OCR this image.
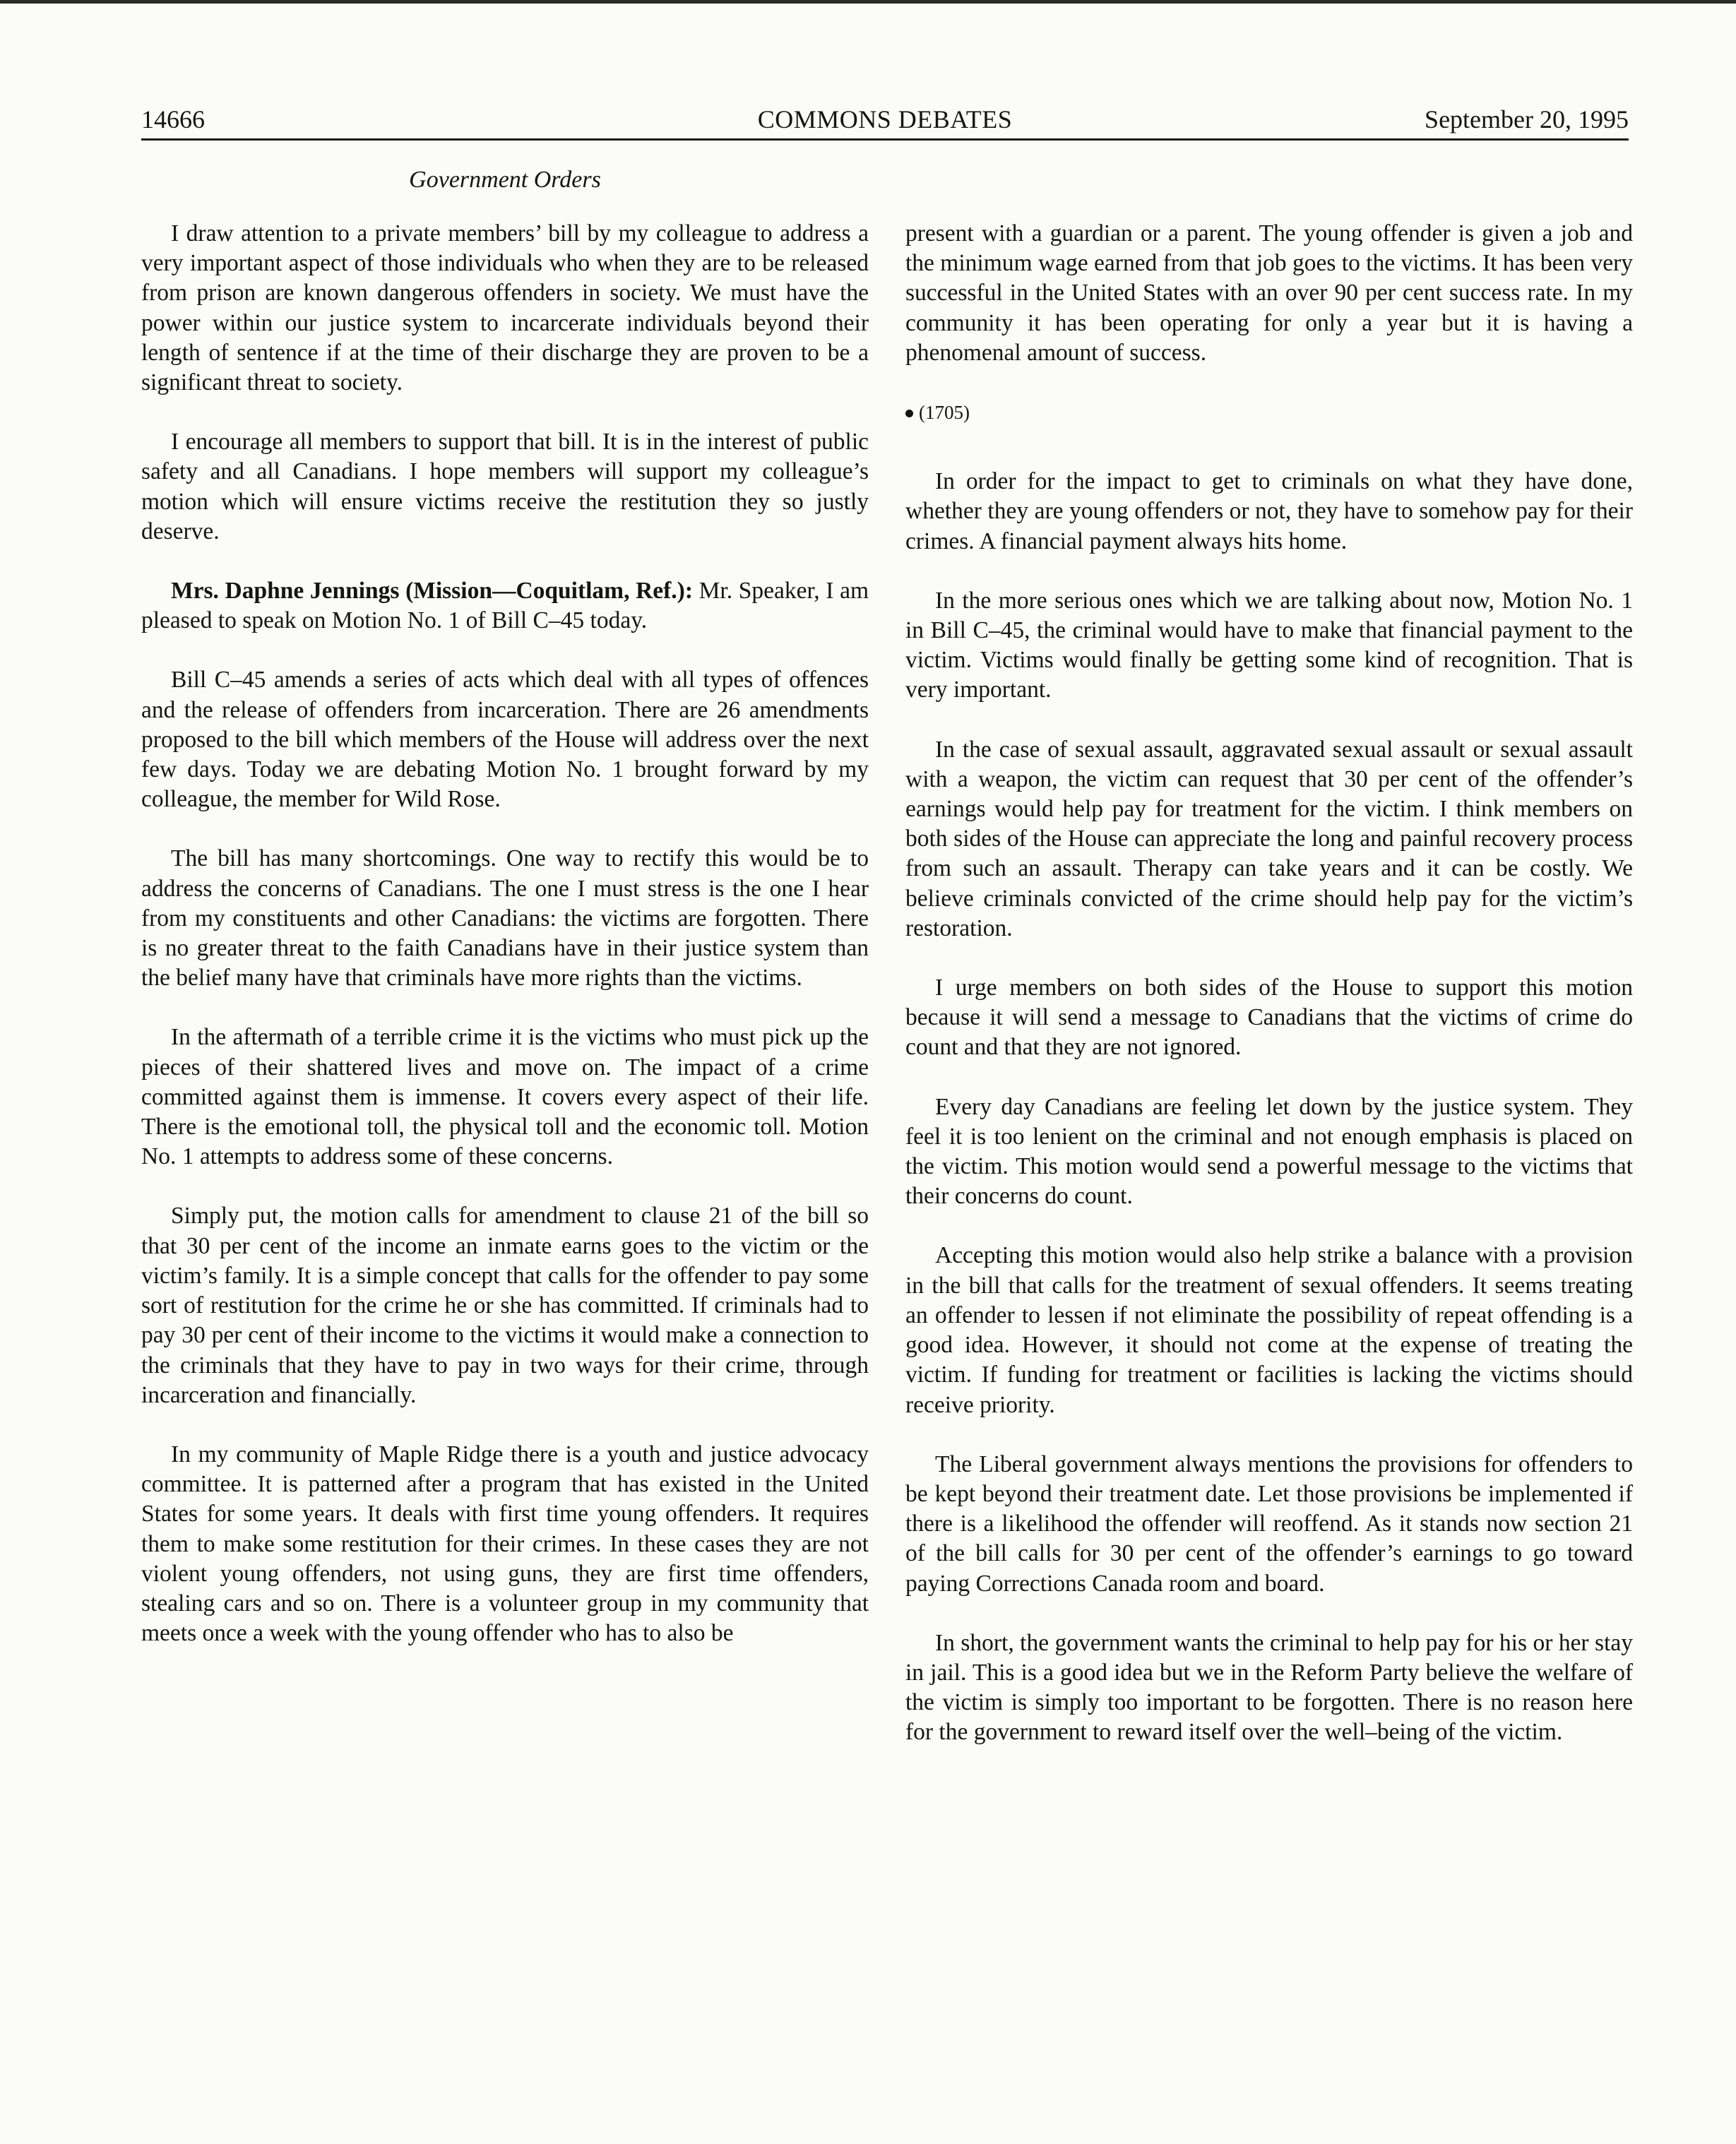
14666	COMMONS DEBATES	September 20, 1995
Government Orders

I draw attention to a private members’ bill by my colleague to address a very important aspect of those individuals who when they are to be released from prison are known dangerous offenders in society. We must have the power within our justice system to incarcerate individuals beyond their length of sentence if at the time of their discharge they are proven to be a significant threat to society.

I encourage all members to support that bill. It is in the interest of public safety and all Canadians. I hope members will support my colleague’s motion which will ensure victims receive the restitution they so justly deserve.

Mrs. Daphne Jennings (Mission—Coquitlam, Ref.): Mr. Speaker, I am pleased to speak on Motion No. 1 of Bill C–45 today.

Bill C–45 amends a series of acts which deal with all types of offences and the release of offenders from incarceration. There are 26 amendments proposed to the bill which members of the House will address over the next few days. Today we are debating Motion No. 1 brought forward by my colleague, the member for Wild Rose.

The bill has many shortcomings. One way to rectify this would be to address the concerns of Canadians. The one I must stress is the one I hear from my constituents and other Canadians: the victims are forgotten. There is no greater threat to the faith Canadians have in their justice system than the belief many have that criminals have more rights than the victims.

In the aftermath of a terrible crime it is the victims who must pick up the pieces of their shattered lives and move on. The impact of a crime committed against them is immense. It covers every aspect of their life. There is the emotional toll, the physical toll and the economic toll. Motion No. 1 attempts to address some of these concerns.

Simply put, the motion calls for amendment to clause 21 of the bill so that 30 per cent of the income an inmate earns goes to the victim or the victim’s family. It is a simple concept that calls for the offender to pay some sort of restitution for the crime he or she has committed. If criminals had to pay 30 per cent of their income to the victims it would make a connection to the criminals that they have to pay in two ways for their crime, through incarceration and financially.

In my community of Maple Ridge there is a youth and justice advocacy committee. It is patterned after a program that has existed in the United States for some years. It deals with first time young offenders. It requires them to make some restitution for their crimes. In these cases they are not violent young offenders, not using guns, they are first time offenders, stealing cars and so on. There is a volunteer group in my community that meets once a week with the young offender who has to also be

present with a guardian or a parent. The young offender is given a job and the minimum wage earned from that job goes to the victims. It has been very successful in the United States with an over 90 per cent success rate. In my community it has been operating for only a year but it is having a phenomenal amount of success.

(1705)

In order for the impact to get to criminals on what they have done, whether they are young offenders or not, they have to somehow pay for their crimes. A financial payment always hits home.

In the more serious ones which we are talking about now, Motion No. 1 in Bill C–45, the criminal would have to make that financial payment to the victim. Victims would finally be getting some kind of recognition. That is very important.

In the case of sexual assault, aggravated sexual assault or sexual assault with a weapon, the victim can request that 30 per cent of the offender’s earnings would help pay for treatment for the victim. I think members on both sides of the House can appreciate the long and painful recovery process from such an assault. Therapy can take years and it can be costly. We believe criminals convicted of the crime should help pay for the victim’s restoration.

I urge members on both sides of the House to support this motion because it will send a message to Canadians that the victims of crime do count and that they are not ignored.

Every day Canadians are feeling let down by the justice system. They feel it is too lenient on the criminal and not enough emphasis is placed on the victim. This motion would send a powerful message to the victims that their concerns do count.

Accepting this motion would also help strike a balance with a provision in the bill that calls for the treatment of sexual offenders. It seems treating an offender to lessen if not eliminate the possibility of repeat offending is a good idea. However, it should not come at the expense of treating the victim. If funding for treatment or facilities is lacking the victims should receive priority.

The Liberal government always mentions the provisions for offenders to be kept beyond their treatment date. Let those provisions be implemented if there is a likelihood the offender will reoffend. As it stands now section 21 of the bill calls for 30 per cent of the offender’s earnings to go toward paying Corrections Canada room and board.

In short, the government wants the criminal to help pay for his or her stay in jail. This is a good idea but we in the Reform Party believe the welfare of the victim is simply too important to be forgotten. There is no reason here for the government to reward itself over the well–being of the victim.
